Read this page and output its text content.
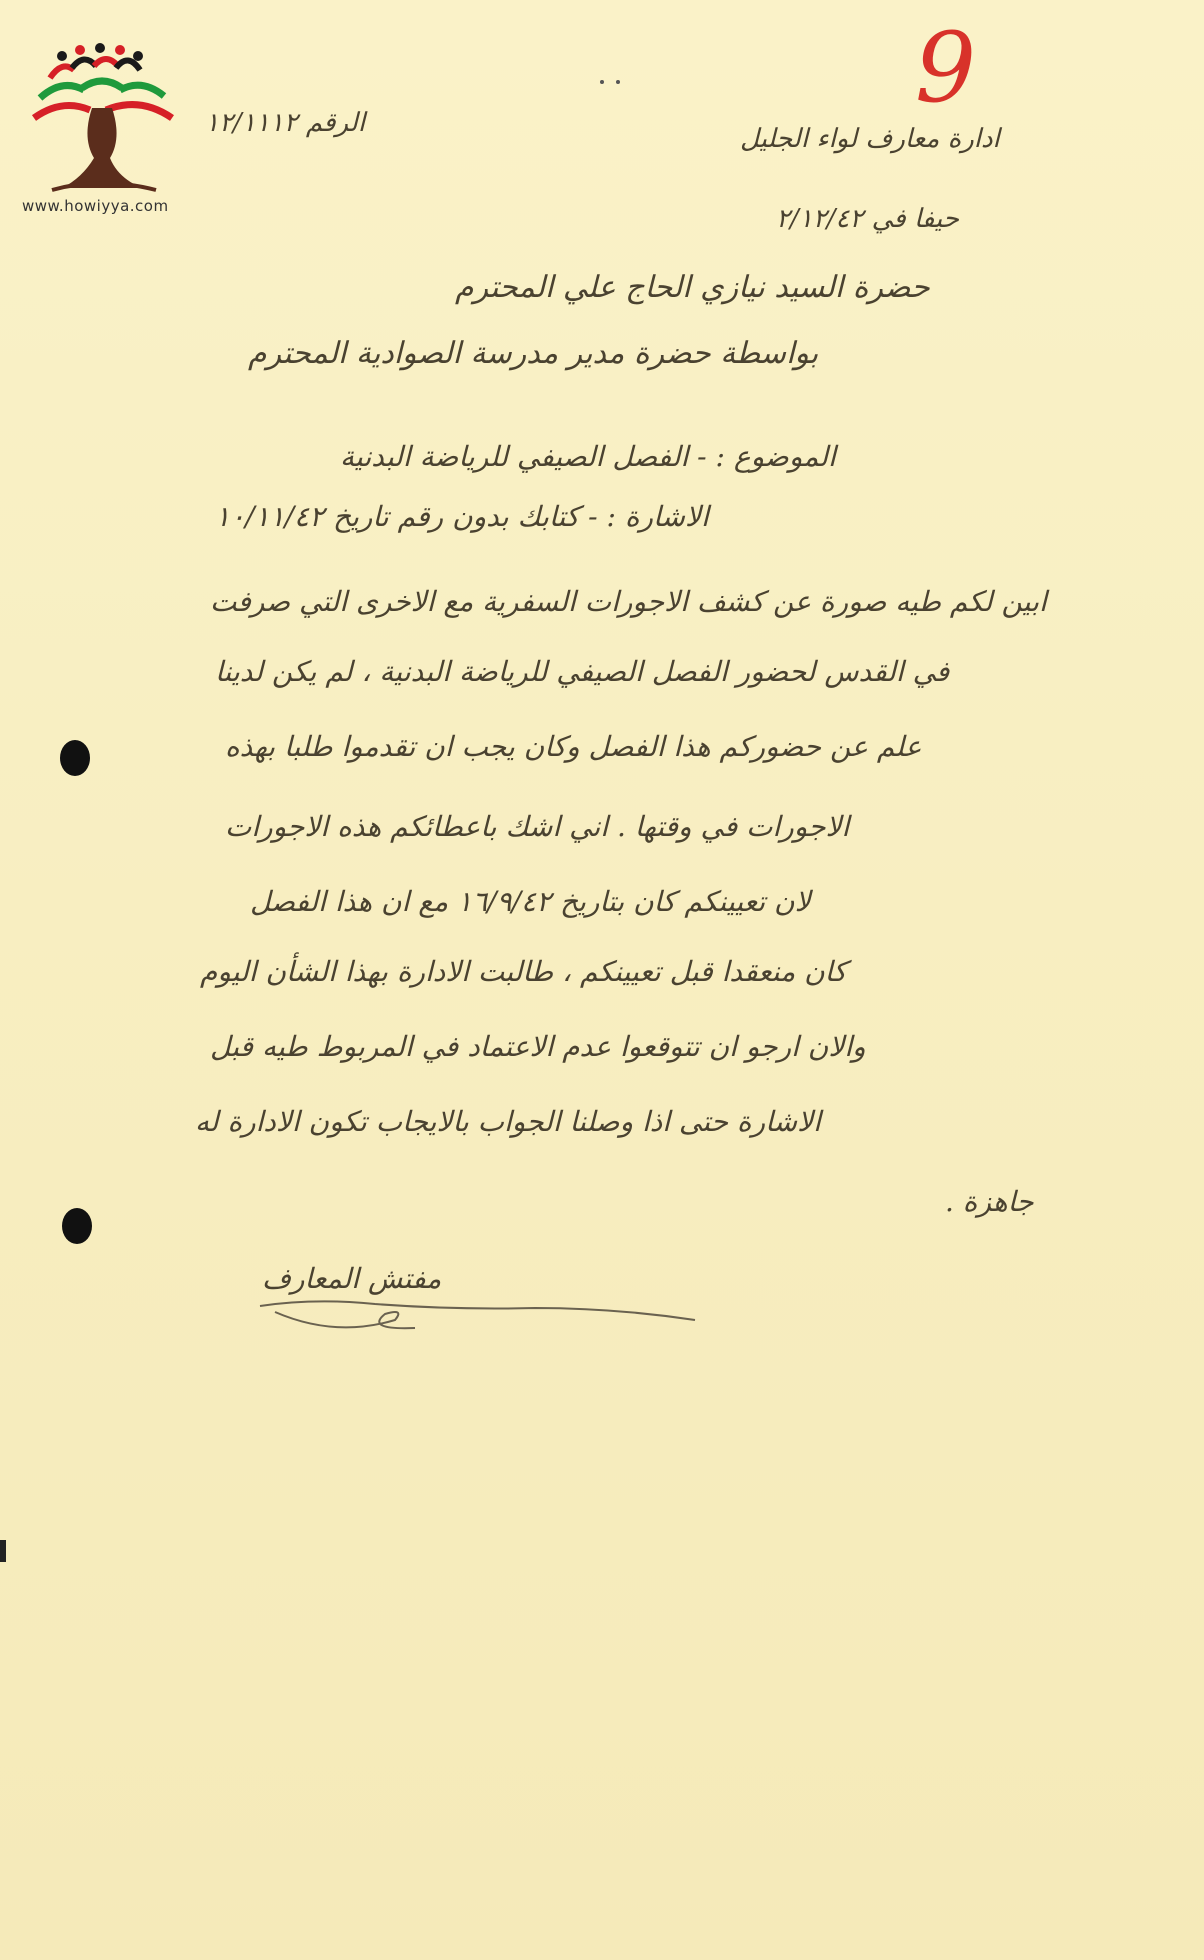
www.howiyya.com
9
الرقم ١٢/١١١٢
ادارة معارف لواء الجليل
حيفا في ٢/١٢/٤٢
حضرة السيد نيازي الحاج علي المحترم
بواسطة حضرة مدير مدرسة الصوادية المحترم
الموضوع : - الفصل الصيفي للرياضة البدنية
الاشارة : - كتابك بدون رقم تاريخ ١٠/١١/٤٢
ابين لكم طيه صورة عن كشف الاجورات السفرية مع الاخرى التي صرفت
في القدس لحضور الفصل الصيفي للرياضة البدنية ، لم يكن لدينا
علم عن حضوركم هذا الفصل وكان يجب ان تقدموا طلبا بهذه
الاجورات في وقتها . اني اشك باعطائكم هذه الاجورات
لان تعيينكم كان بتاريخ ١٦/٩/٤٢ مع ان هذا الفصل
كان منعقدا قبل تعيينكم ، طالبت الادارة بهذا الشأن اليوم
والان ارجو ان تتوقعوا عدم الاعتماد في المربوط طيه قبل
الاشارة حتى اذا وصلنا الجواب بالايجاب تكون الادارة له
جاهزة .
مفتش المعارف
